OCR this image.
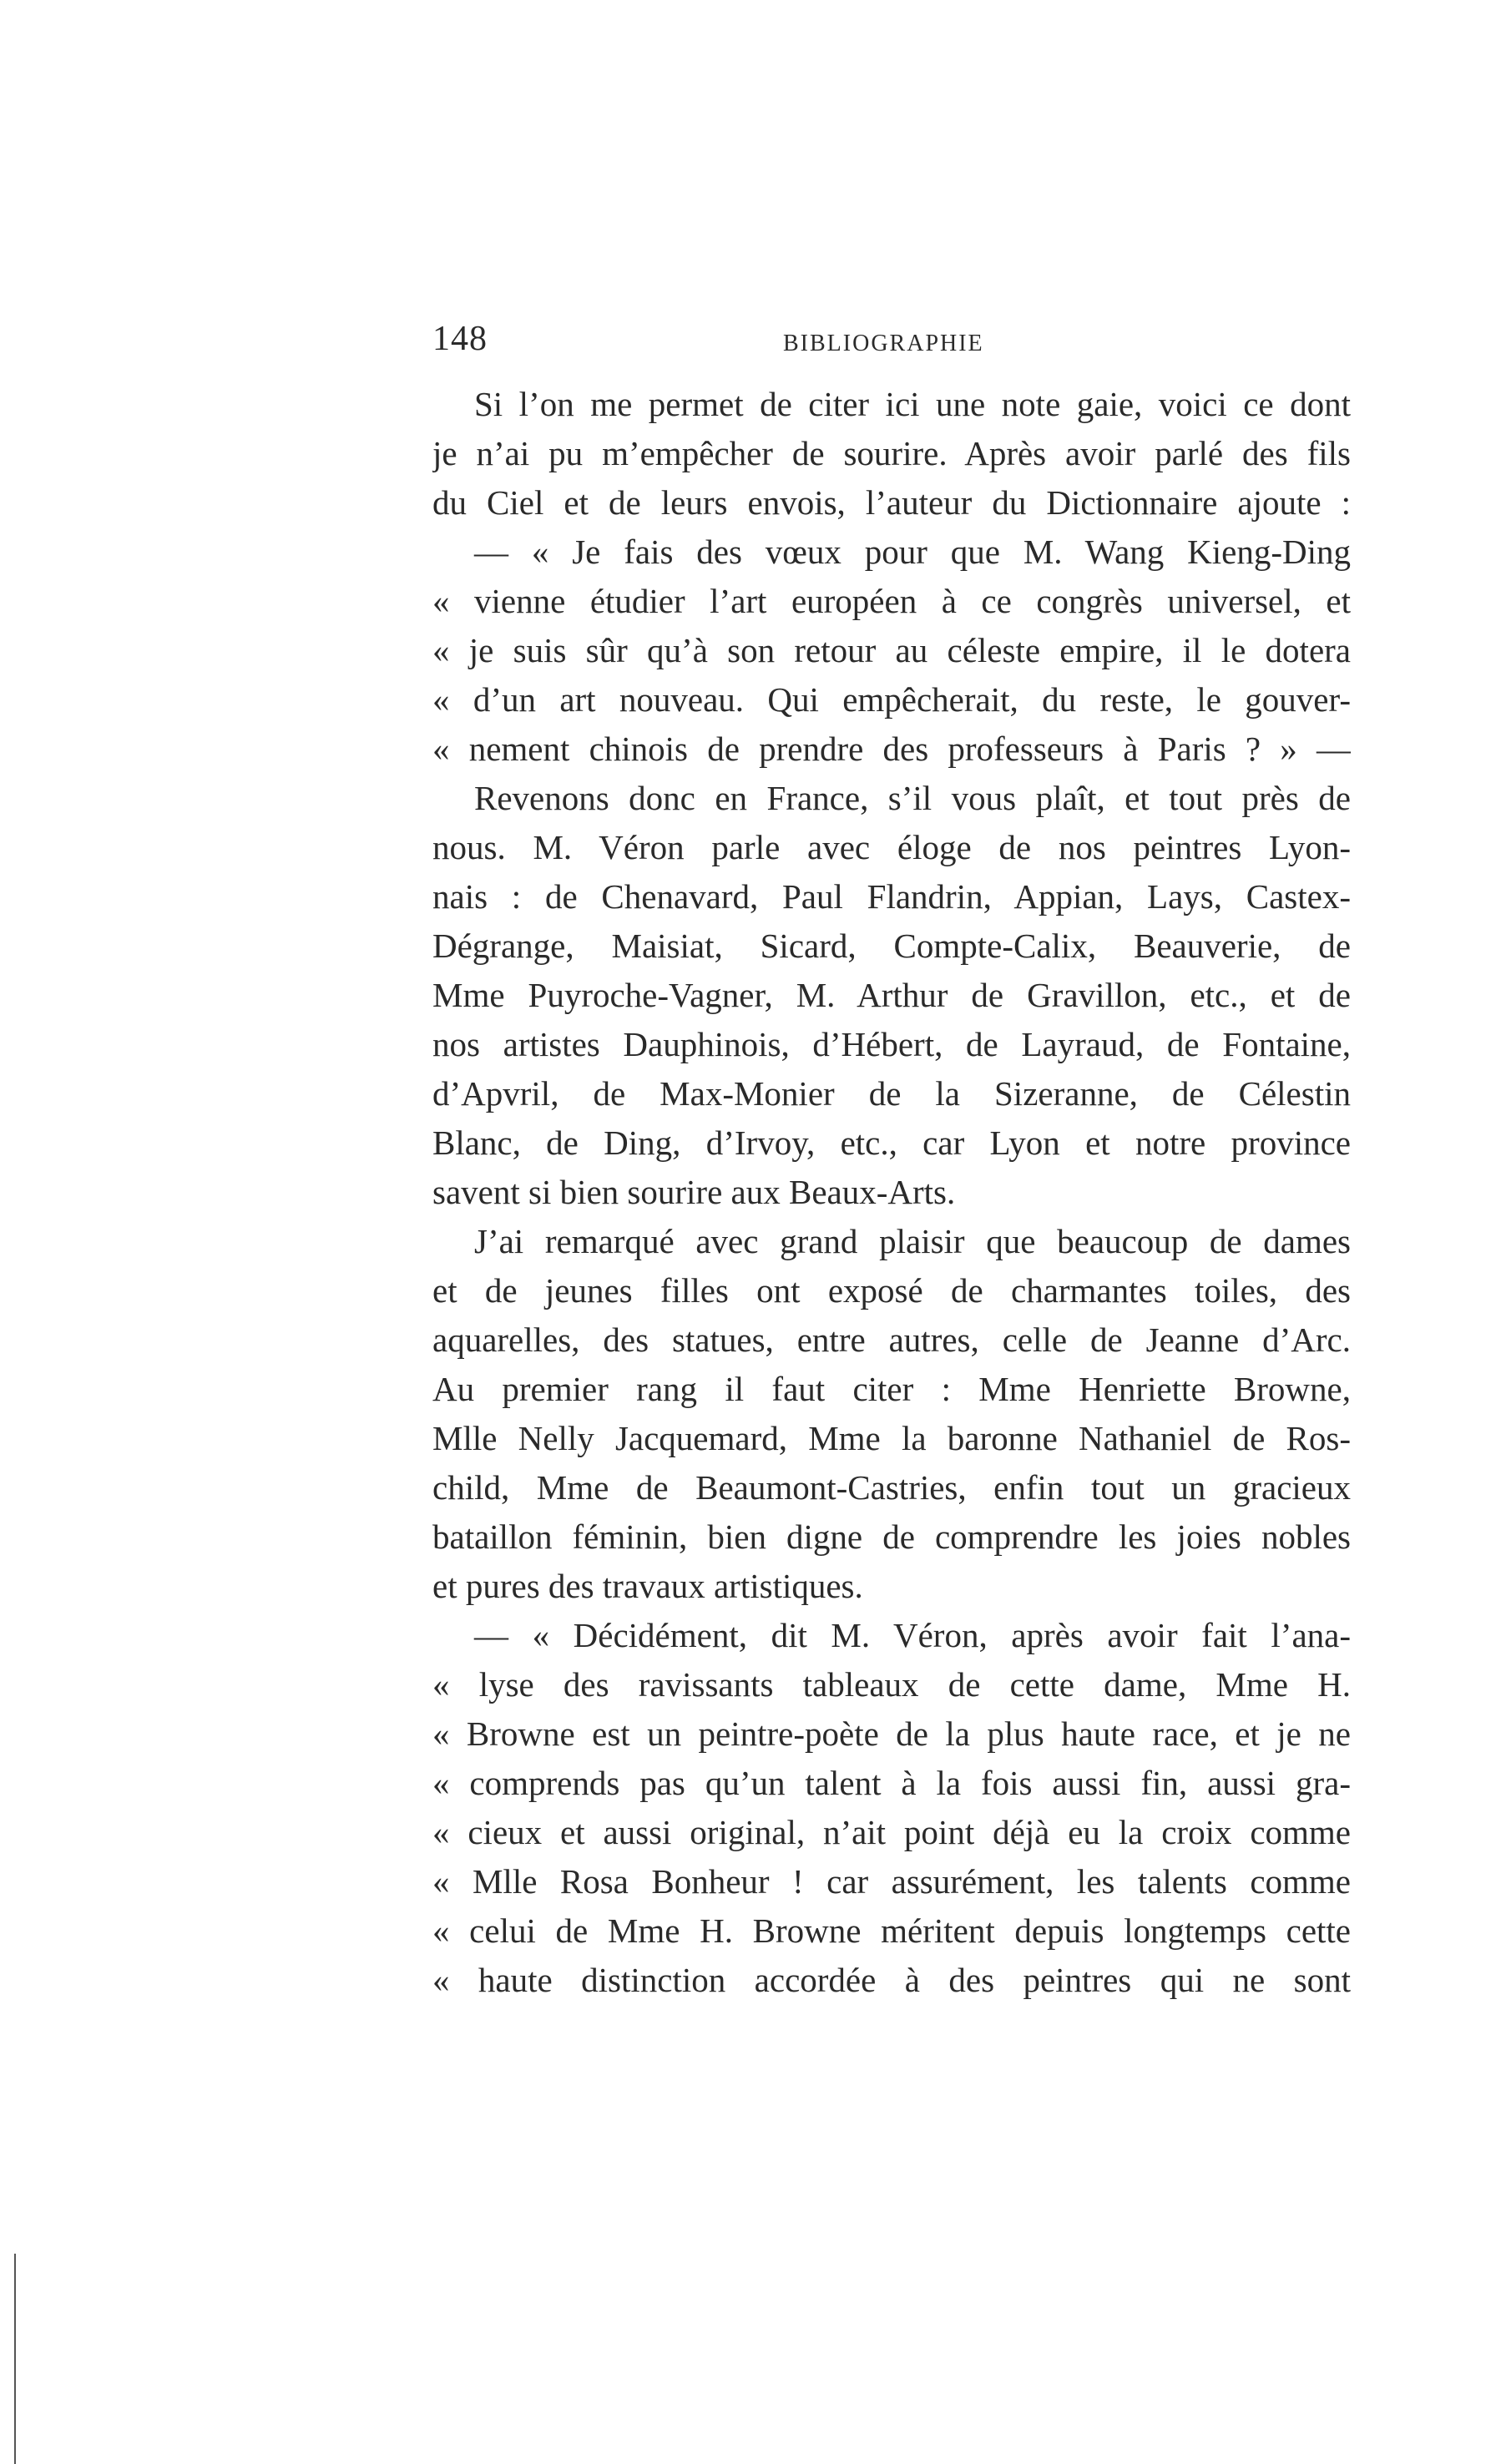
148	BIBLIOGRAPHIE
Si l’on me permet de citer ici une note gaie, voici ce dont
je n’ai pu m’empêcher de sourire. Après avoir parlé des fils
du Ciel et de leurs envois, l’auteur du Dictionnaire ajoute :
— « Je fais des vœux pour que M. Wang Kieng-Ding
« vienne étudier l’art européen à ce congrès universel, et
« je suis sûr qu’à son retour au céleste empire, il le dotera
« d’un art nouveau. Qui empêcherait, du reste, le gouver-
« nement chinois de prendre des professeurs à Paris ? » —
Revenons donc en France, s’il vous plaît, et tout près de
nous. M. Véron parle avec éloge de nos peintres Lyon-
nais : de Chenavard, Paul Flandrin, Appian, Lays, Castex-
Dégrange, Maisiat, Sicard, Compte-Calix, Beauverie, de
Mme Puyroche-Vagner, M. Arthur de Gravillon, etc., et de
nos artistes Dauphinois, d’Hébert, de Layraud, de Fontaine,
d’Apvril, de Max-Monier de la Sizeranne, de Célestin
Blanc, de Ding, d’Irvoy, etc., car Lyon et notre province
savent si bien sourire aux Beaux-Arts.
J’ai remarqué avec grand plaisir que beaucoup de dames
et de jeunes filles ont exposé de charmantes toiles, des
aquarelles, des statues, entre autres, celle de Jeanne d’Arc.
Au premier rang il faut citer : Mme Henriette Browne,
Mlle Nelly Jacquemard, Mme la baronne Nathaniel de Ros-
child, Mme de Beaumont-Castries, enfin tout un gracieux
bataillon féminin, bien digne de comprendre les joies nobles
et pures des travaux artistiques.
— « Décidément, dit M. Véron, après avoir fait l’ana-
« lyse des ravissants tableaux de cette dame, Mme H.
« Browne est un peintre-poète de la plus haute race, et je ne
« comprends pas qu’un talent à la fois aussi fin, aussi gra-
« cieux et aussi original, n’ait point déjà eu la croix comme
« Mlle Rosa Bonheur ! car assurément, les talents comme
« celui de Mme H. Browne méritent depuis longtemps cette
« haute distinction accordée à des peintres qui ne sont
